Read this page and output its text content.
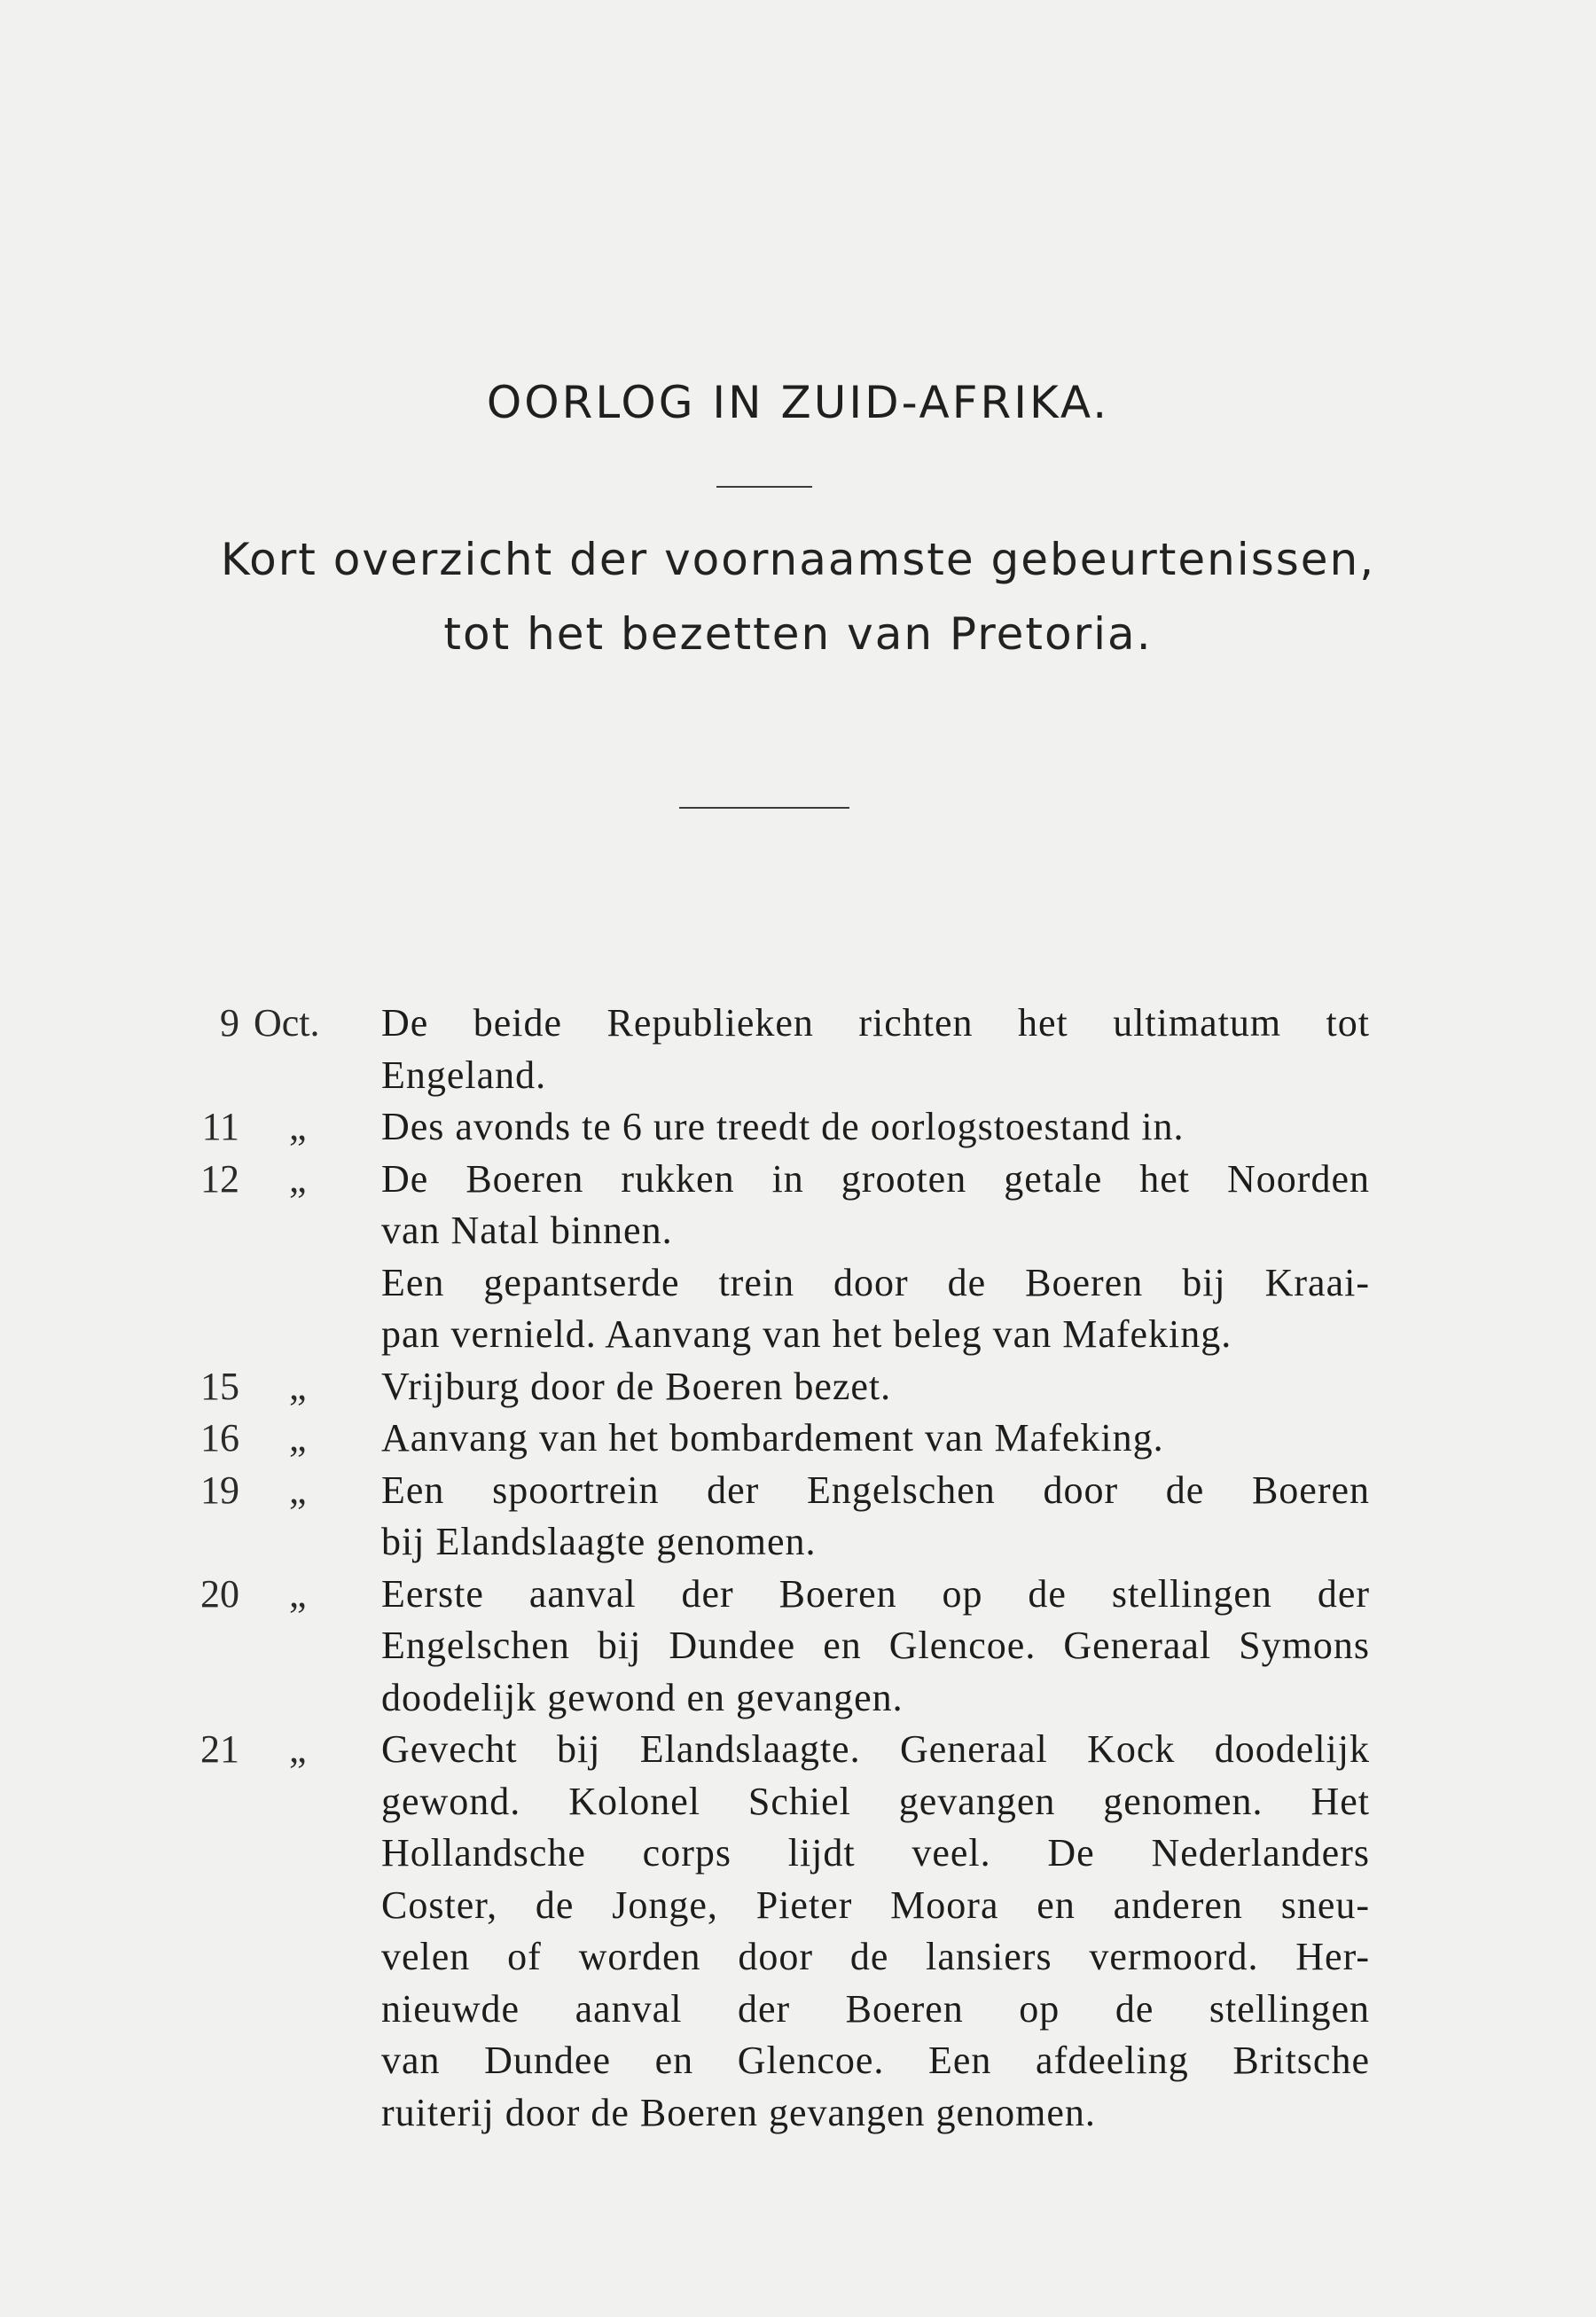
OORLOG IN ZUID-AFRIKA.
Kort overzicht der voornaamste gebeurtenissen,
tot het bezetten van Pretoria.
9 Oct. De beide Republieken richten het ultimatum tot
Engeland.
11 „ Des avonds te 6 ure treedt de oorlogstoestand in.
12 „ De Boeren rukken in grooten getale het Noorden
van Natal binnen.
Een gepantserde trein door de Boeren bij Kraai-
pan vernield. Aanvang van het beleg van Mafeking.
15 „ Vrijburg door de Boeren bezet.
16 „ Aanvang van het bombardement van Mafeking.
19 „ Een spoortrein der Engelschen door de Boeren
bij Elandslaagte genomen.
20 „ Eerste aanval der Boeren op de stellingen der
Engelschen bij Dundee en Glencoe. Generaal Symons
doodelijk gewond en gevangen.
21 „ Gevecht bij Elandslaagte. Generaal Kock doodelijk
gewond. Kolonel Schiel gevangen genomen. Het
Hollandsche corps lijdt veel. De Nederlanders
Coster, de Jonge, Pieter Moora en anderen sneu-
velen of worden door de lansiers vermoord. Her-
nieuwde aanval der Boeren op de stellingen
van Dundee en Glencoe. Een afdeeling Britsche
ruiterij door de Boeren gevangen genomen.
